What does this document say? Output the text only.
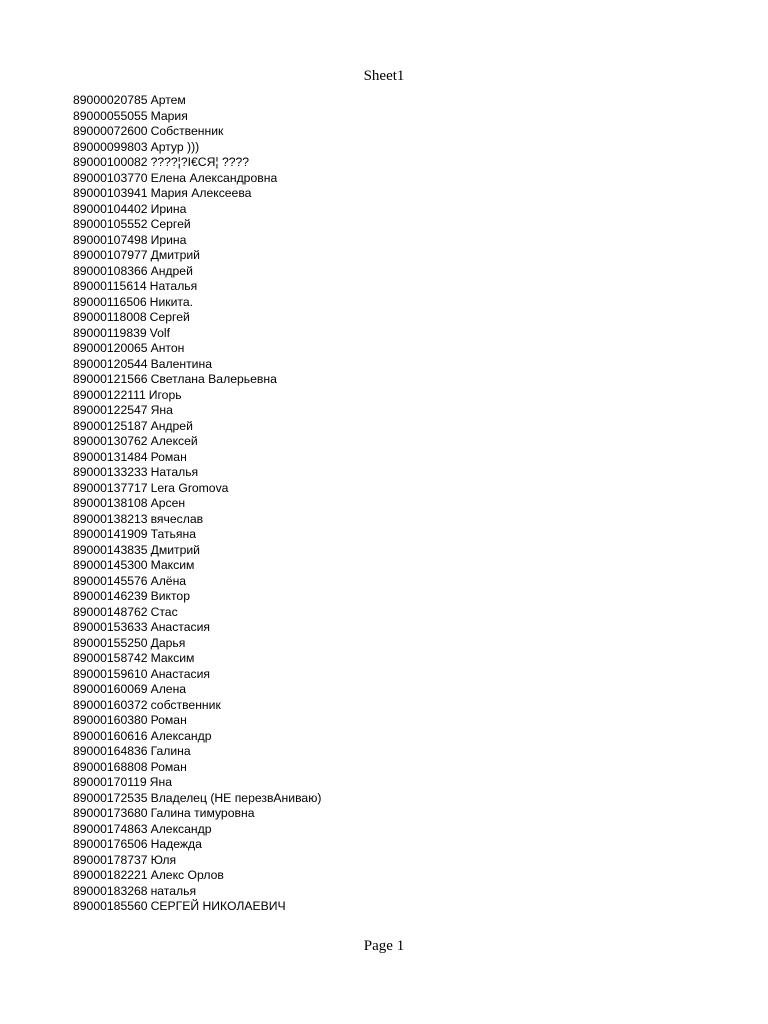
Sheet1
89000020785 Артем
89000055055 Мария
89000072600 Собственник
89000099803 Артур )))
89000100082 ????¦?І€СЯ¦ ????
89000103770 Елена Александровна
89000103941 Мария Алексеева
89000104402 Ирина
89000105552 Сергей
89000107498 Ирина
89000107977 Дмитрий
89000108366 Андрей
89000115614 Наталья
89000116506 Никита.
89000118008 Сергей
89000119839 Volf
89000120065 Антон
89000120544 Валентина
89000121566 Светлана Валерьевна
89000122111 Игорь
89000122547 Яна
89000125187 Андрей
89000130762 Алексей
89000131484 Роман
89000133233 Наталья
89000137717 Lera Gromova
89000138108 Арсен
89000138213 вячеслав
89000141909 Татьяна
89000143835 Дмитрий
89000145300 Максим
89000145576 Алёна
89000146239 Виктор
89000148762 Стас
89000153633 Анастасия
89000155250 Дарья
89000158742 Максим
89000159610 Анастасия
89000160069 Алена
89000160372 собственник
89000160380 Роман
89000160616 Александр
89000164836 Галина
89000168808 Роман
89000170119 Яна
89000172535 Владелец (НЕ перезвАниваю)
89000173680 Галина тимуровна
89000174863 Александр
89000176506 Надежда
89000178737 Юля
89000182221 Алекс Орлов
89000183268 наталья
89000185560 СЕРГЕЙ НИКОЛАЕВИЧ
Page 1
